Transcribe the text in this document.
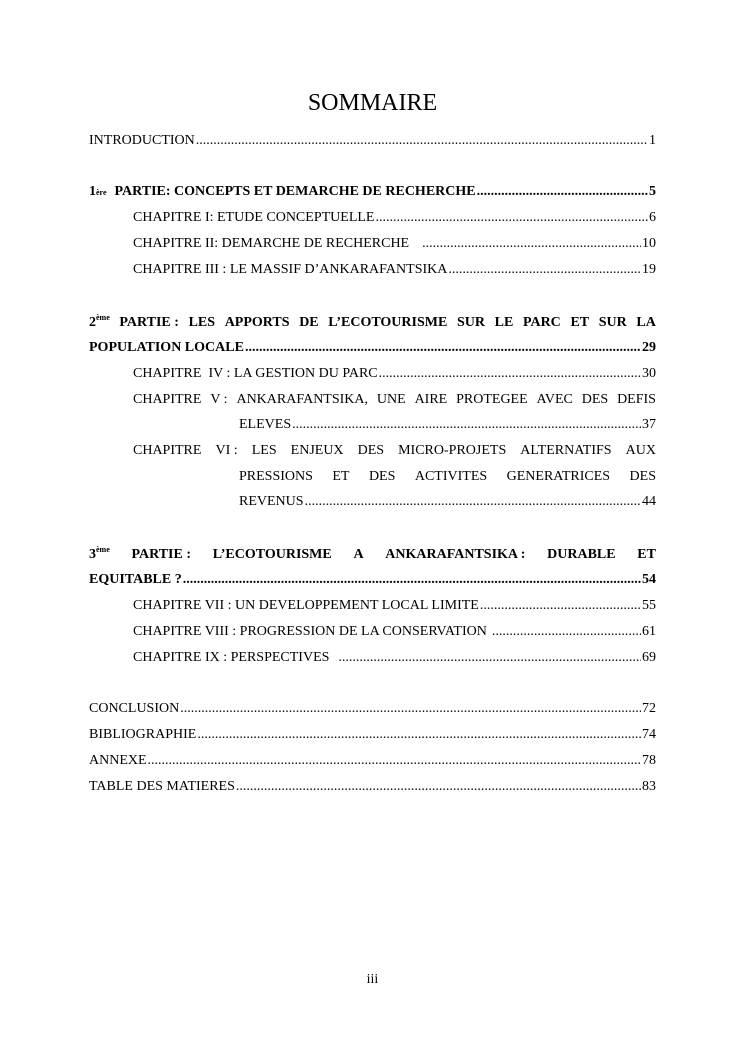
SOMMAIRE
INTRODUCTION .....	1
1 ère PARTIE: CONCEPTS ET DEMARCHE DE RECHERCHE .....	5
CHAPITRE I: ETUDE CONCEPTUELLE .....	6
CHAPITRE II: DEMARCHE DE RECHERCHE .....	10
CHAPITRE III : LE MASSIF D’ANKARAFANTSIKA .....	19
2ème PARTIE : LES APPORTS DE L’ECOTOURISME SUR LE PARC ET SUR LA
POPULATION LOCALE .....	29
CHAPITRE  IV : LA GESTION DU PARC .....	30
CHAPITRE V : ANKARAFANTSIKA, UNE AIRE PROTEGEE AVEC DES DEFIS
ELEVES .....	37
CHAPITRE VI : LES ENJEUX DES MICRO-PROJETS ALTERNATIFS AUX
PRESSIONS ET DES ACTIVITES GENERATRICES DES
REVENUS .....	44
3ème PARTIE : L’ECOTOURISME A ANKARAFANTSIKA : DURABLE ET
EQUITABLE ? .....	54
CHAPITRE VII : UN DEVELOPPEMENT LOCAL LIMITE .....	55
CHAPITRE VIII : PROGRESSION DE LA CONSERVATION .....	61
CHAPITRE IX : PERSPECTIVES .....	69
CONCLUSION .....	72
BIBLIOGRAPHIE .....	74
ANNEXE .....	78
TABLE DES MATIERES .....	83
iii
